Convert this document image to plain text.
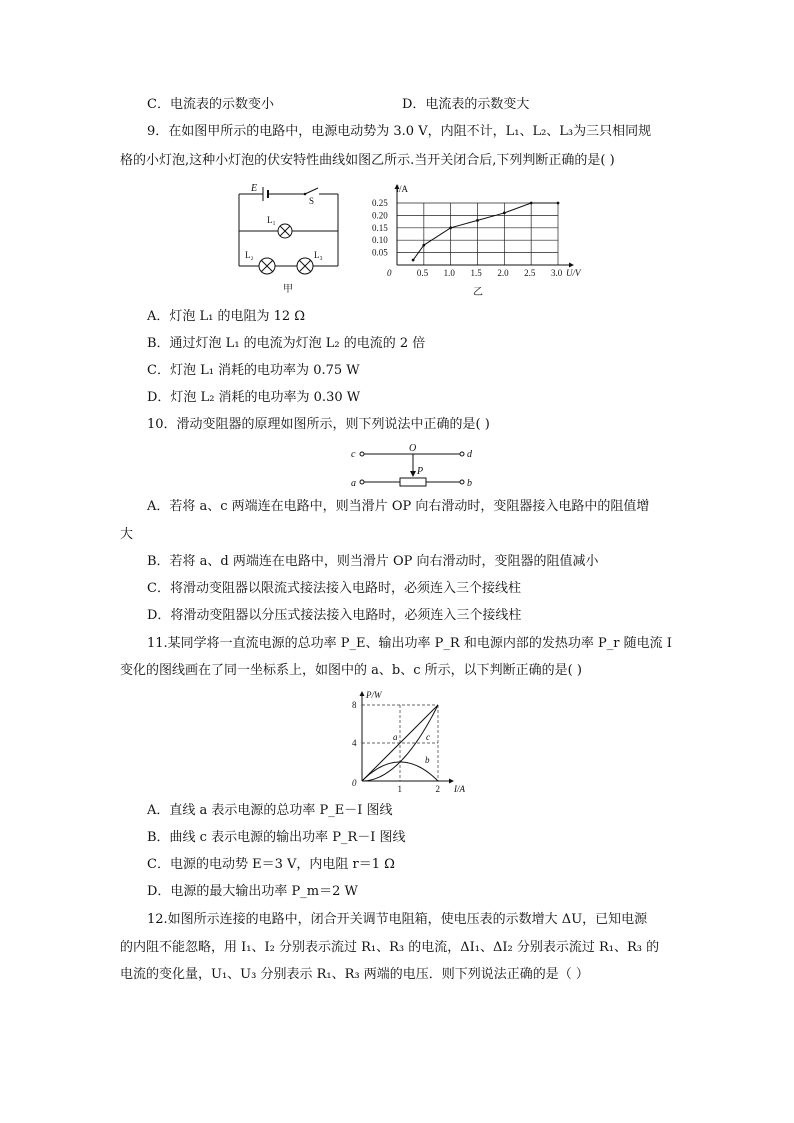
C．电流表的示数变小	D．电流表的示数变大
9．在如图甲所示的电路中，电源电动势为 3.0 V，内阻不计，L₁、L₂、L₃为三只相同规
格的小灯泡,这种小灯泡的伏安特性曲线如图乙所示.当开关闭合后,下列判断正确的是( )
E
S
L₁
L₂	L₃
甲
0.5 1.0 1.5 2.0 2.5 3.0
0.05
0.10
0.15
0.20
0.25
I/A
U/V
0
乙
A．灯泡 L₁ 的电阻为 12 Ω
B．通过灯泡 L₁ 的电流为灯泡 L₂ 的电流的 2 倍
C．灯泡 L₁ 消耗的电功率为 0.75 W
D．灯泡 L₂ 消耗的电功率为 0.30 W
10．滑动变阻器的原理如图所示，则下列说法中正确的是( )
c	d
O
P
a	b
A．若将 a、c 两端连在电路中，则当滑片 OP 向右滑动时，变阻器接入电路中的阻值增
大
B．若将 a、d 两端连在电路中，则当滑片 OP 向右滑动时，变阻器的阻值减小
C．将滑动变阻器以限流式接法接入电路时，必须连入三个接线柱
D．将滑动变阻器以分压式接法接入电路时，必须连入三个接线柱
11.某同学将一直流电源的总功率 P_E、输出功率 P_R 和电源内部的发热功率 P_r 随电流 I
变化的图线画在了同一坐标系上，如图中的 a、b、c 所示，以下判断正确的是( )
1	2
4
8
P/W
I/A
0
a
b
c
A．直线 a 表示电源的总功率 P_E－I 图线
B．曲线 c 表示电源的输出功率 P_R－I 图线
C．电源的电动势 E＝3 V，内电阻 r＝1 Ω
D．电源的最大输出功率 P_m＝2 W
12.如图所示连接的电路中，闭合开关调节电阻箱，使电压表的示数增大 ΔU，已知电源
的内阻不能忽略，用 I₁、I₂ 分别表示流过 R₁、R₃ 的电流，ΔI₁、ΔI₂ 分别表示流过 R₁、R₃ 的
电流的变化量，U₁、U₃ 分别表示 R₁、R₃ 两端的电压．则下列说法正确的是（ ）
